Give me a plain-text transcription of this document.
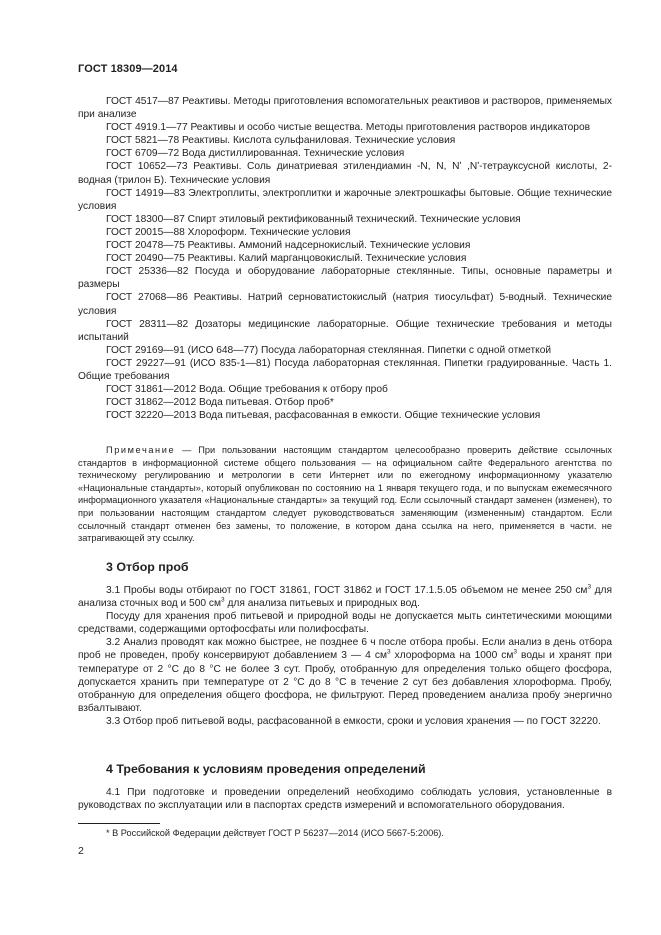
ГОСТ 18309—2014
ГОСТ 4517—87 Реактивы. Методы приготовления вспомогательных реактивов и растворов, применяемых при анализе
ГОСТ 4919.1—77 Реактивы и особо чистые вещества. Методы приготовления растворов индикаторов
ГОСТ 5821—78 Реактивы. Кислота сульфаниловая. Технические условия
ГОСТ 6709—72 Вода дистиллированная. Технические условия
ГОСТ 10652—73 Реактивы. Соль динатриевая этилендиамин -N, N, Nʹ ,Nʹ-тетрауксусной кислоты, 2-водная (трилон Б). Технические условия
ГОСТ 14919—83 Электроплиты, электроплитки и жарочные электрошкафы бытовые. Общие технические условия
ГОСТ 18300—87 Спирт этиловый ректификованный технический. Технические условия
ГОСТ 20015—88 Хлороформ. Технические условия
ГОСТ 20478—75 Реактивы. Аммоний надсернокислый. Технические условия
ГОСТ 20490—75 Реактивы. Калий марганцовокислый. Технические условия
ГОСТ 25336—82 Посуда и оборудование лабораторные стеклянные. Типы, основные параметры и размеры
ГОСТ 27068—86 Реактивы. Натрий серноватистокислый (натрия тиосульфат) 5-водный. Технические условия
ГОСТ 28311—82 Дозаторы медицинские лабораторные. Общие технические требования и методы испытаний
ГОСТ 29169—91 (ИСО 648—77) Посуда лабораторная стеклянная. Пипетки с одной отметкой
ГОСТ 29227—91 (ИСО 835-1—81) Посуда лабораторная стеклянная. Пипетки градуированные. Часть 1. Общие требования
ГОСТ 31861—2012 Вода. Общие требования к отбору проб
ГОСТ 31862—2012 Вода питьевая. Отбор проб*
ГОСТ 32220—2013 Вода питьевая, расфасованная в емкости. Общие технические условия
Примечание — При пользовании настоящим стандартом целесообразно проверить действие ссылочных стандартов в информационной системе общего пользования — на официальном сайте Федерального агентства по техническому регулированию и метрологии в сети Интернет или по ежегодному информационному указателю «Национальные стандарты», который опубликован по состоянию на 1 января текущего года, и по выпускам ежемесячного информационного указателя «Национальные стандарты» за текущий год. Если ссылочный стандарт заменен (изменен), то при пользовании настоящим стандартом следует руководствоваться заменяющим (измененным) стандартом. Если ссылочный стандарт отменен без замены, то положение, в котором дана ссылка на него, применяется в части. не затрагивающей эту ссылку.
3 Отбор проб
3.1 Пробы воды отбирают по ГОСТ 31861, ГОСТ 31862 и ГОСТ 17.1.5.05 объемом не менее 250 $см^3$ для анализа сточных вод и 500 $см^3$ для анализа питьевых и природных вод.
Посуду для хранения проб питьевой и природной воды не допускается мыть синтетическими моющими средствами, содержащими ортофосфаты или полифосфаты.
3.2 Анализ проводят как можно быстрее, не позднее 6 ч после отбора пробы. Если анализ в день отбора проб не проведен, пробу консервируют добавлением 3 — 4 $см^3$ хлороформа на 1000 $см^3$ воды и хранят при температуре от 2 °С до 8 °С не более 3 сут. Пробу, отобранную для определения только общего фосфора, допускается хранить при температуре от 2 °С до 8 °С в течение 2 сут без добавления хлороформа. Пробу, отобранную для определения общего фосфора, не фильтруют. Перед проведением анализа пробу энергично взбалтывают.
3.3 Отбор проб питьевой воды, расфасованной в емкости, сроки и условия хранения — по ГОСТ 32220.
4 Требования к условиям проведения определений
4.1 При подготовке и проведении определений необходимо соблюдать условия, установленные в руководствах по эксплуатации или в паспортах средств измерений и вспомогательного оборудования.
* В Российской Федерации действует ГОСТ Р 56237—2014 (ИСО 5667-5:2006).
2
